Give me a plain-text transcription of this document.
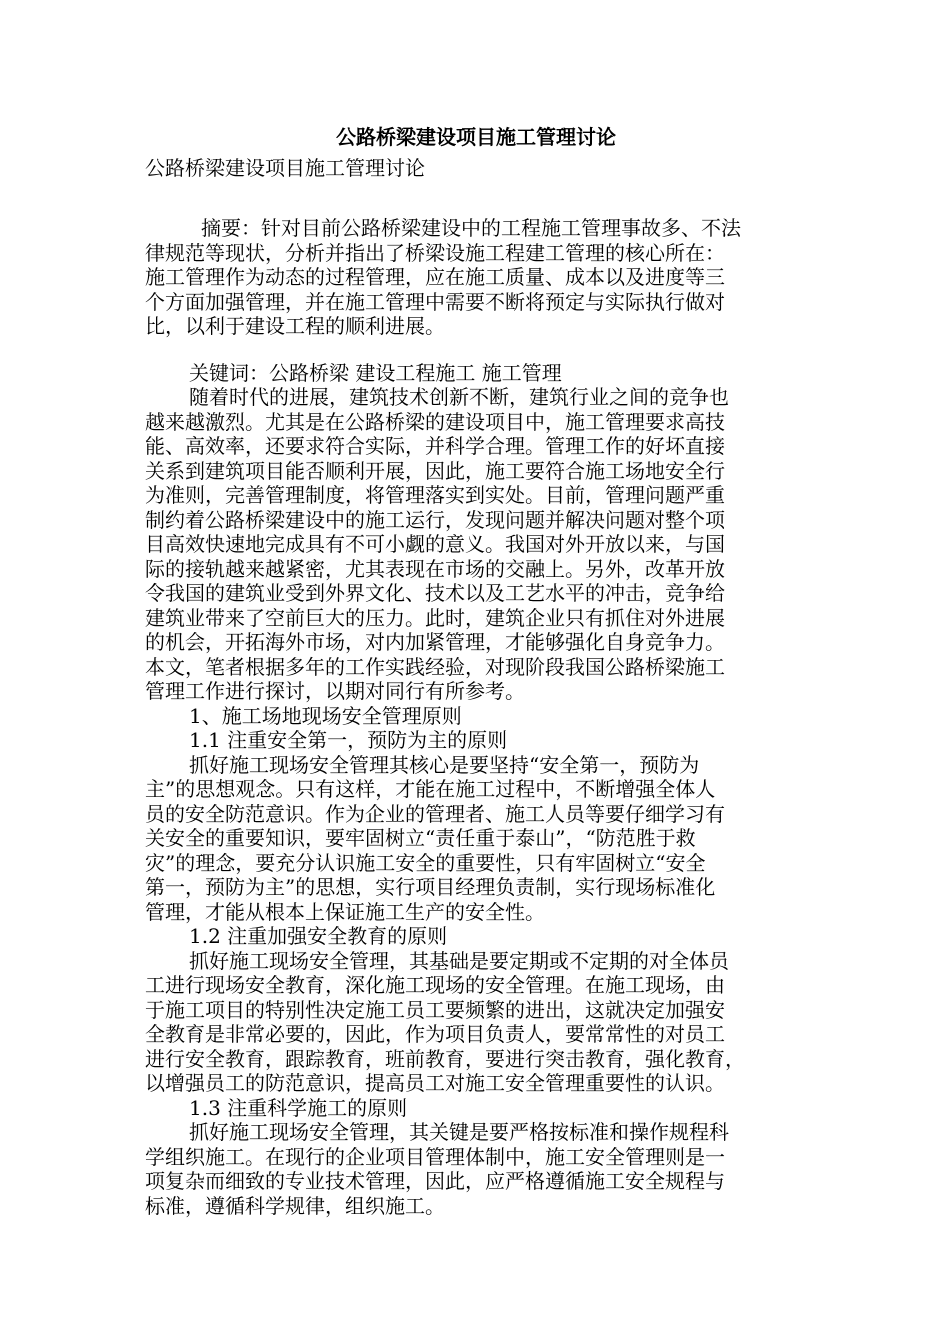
公路桥梁建设项目施工管理讨论

公路桥梁建设项目施工管理讨论

摘要：针对目前公路桥梁建设中的工程施工管理事故多、不法

律规范等现状，分析并指出了桥梁设施工程建工管理的核心所在：

施工管理作为动态的过程管理，应在施工质量、成本以及进度等三

个方面加强管理，并在施工管理中需要不断将预定与实际执行做对

比，以利于建设工程的顺利进展。

关键词：公路桥梁 建设工程施工 施工管理

随着时代的进展，建筑技术创新不断，建筑行业之间的竞争也

越来越激烈。尤其是在公路桥梁的建设项目中，施工管理要求高技

能、高效率，还要求符合实际，并科学合理。管理工作的好坏直接

关系到建筑项目能否顺利开展，因此，施工要符合施工场地安全行

为准则，完善管理制度，将管理落实到实处。目前，管理问题严重

制约着公路桥梁建设中的施工运行，发现问题并解决问题对整个项

目高效快速地完成具有不可小觑的意义。我国对外开放以来，与国

际的接轨越来越紧密，尤其表现在市场的交融上。另外，改革开放

令我国的建筑业受到外界文化、技术以及工艺水平的冲击，竞争给

建筑业带来了空前巨大的压力。此时，建筑企业只有抓住对外进展

的机会，开拓海外市场，对内加紧管理，才能够强化自身竞争力。

本文，笔者根据多年的工作实践经验，对现阶段我国公路桥梁施工

管理工作进行探讨，以期对同行有所参考。

1、施工场地现场安全管理原则

1.1 注重安全第一，预防为主的原则

抓好施工现场安全管理其核心是要坚持“安全第一，预防为

主”的思想观念。只有这样，才能在施工过程中，不断增强全体人

员的安全防范意识。作为企业的管理者、施工人员等要仔细学习有

关安全的重要知识，要牢固树立“责任重于泰山”，“防范胜于救

灾”的理念，要充分认识施工安全的重要性，只有牢固树立“安全

第一，预防为主”的思想，实行项目经理负责制，实行现场标准化

管理，才能从根本上保证施工生产的安全性。

1.2 注重加强安全教育的原则

抓好施工现场安全管理，其基础是要定期或不定期的对全体员

工进行现场安全教育，深化施工现场的安全管理。在施工现场，由

于施工项目的特别性决定施工员工要频繁的进出，这就决定加强安

全教育是非常必要的，因此，作为项目负责人，要常常性的对员工

进行安全教育，跟踪教育，班前教育，要进行突击教育，强化教育，

以增强员工的防范意识，提高员工对施工安全管理重要性的认识。

1.3 注重科学施工的原则

抓好施工现场安全管理，其关键是要严格按标准和操作规程科

学组织施工。在现行的企业项目管理体制中，施工安全管理则是一

项复杂而细致的专业技术管理，因此，应严格遵循施工安全规程与

标准，遵循科学规律，组织施工。
